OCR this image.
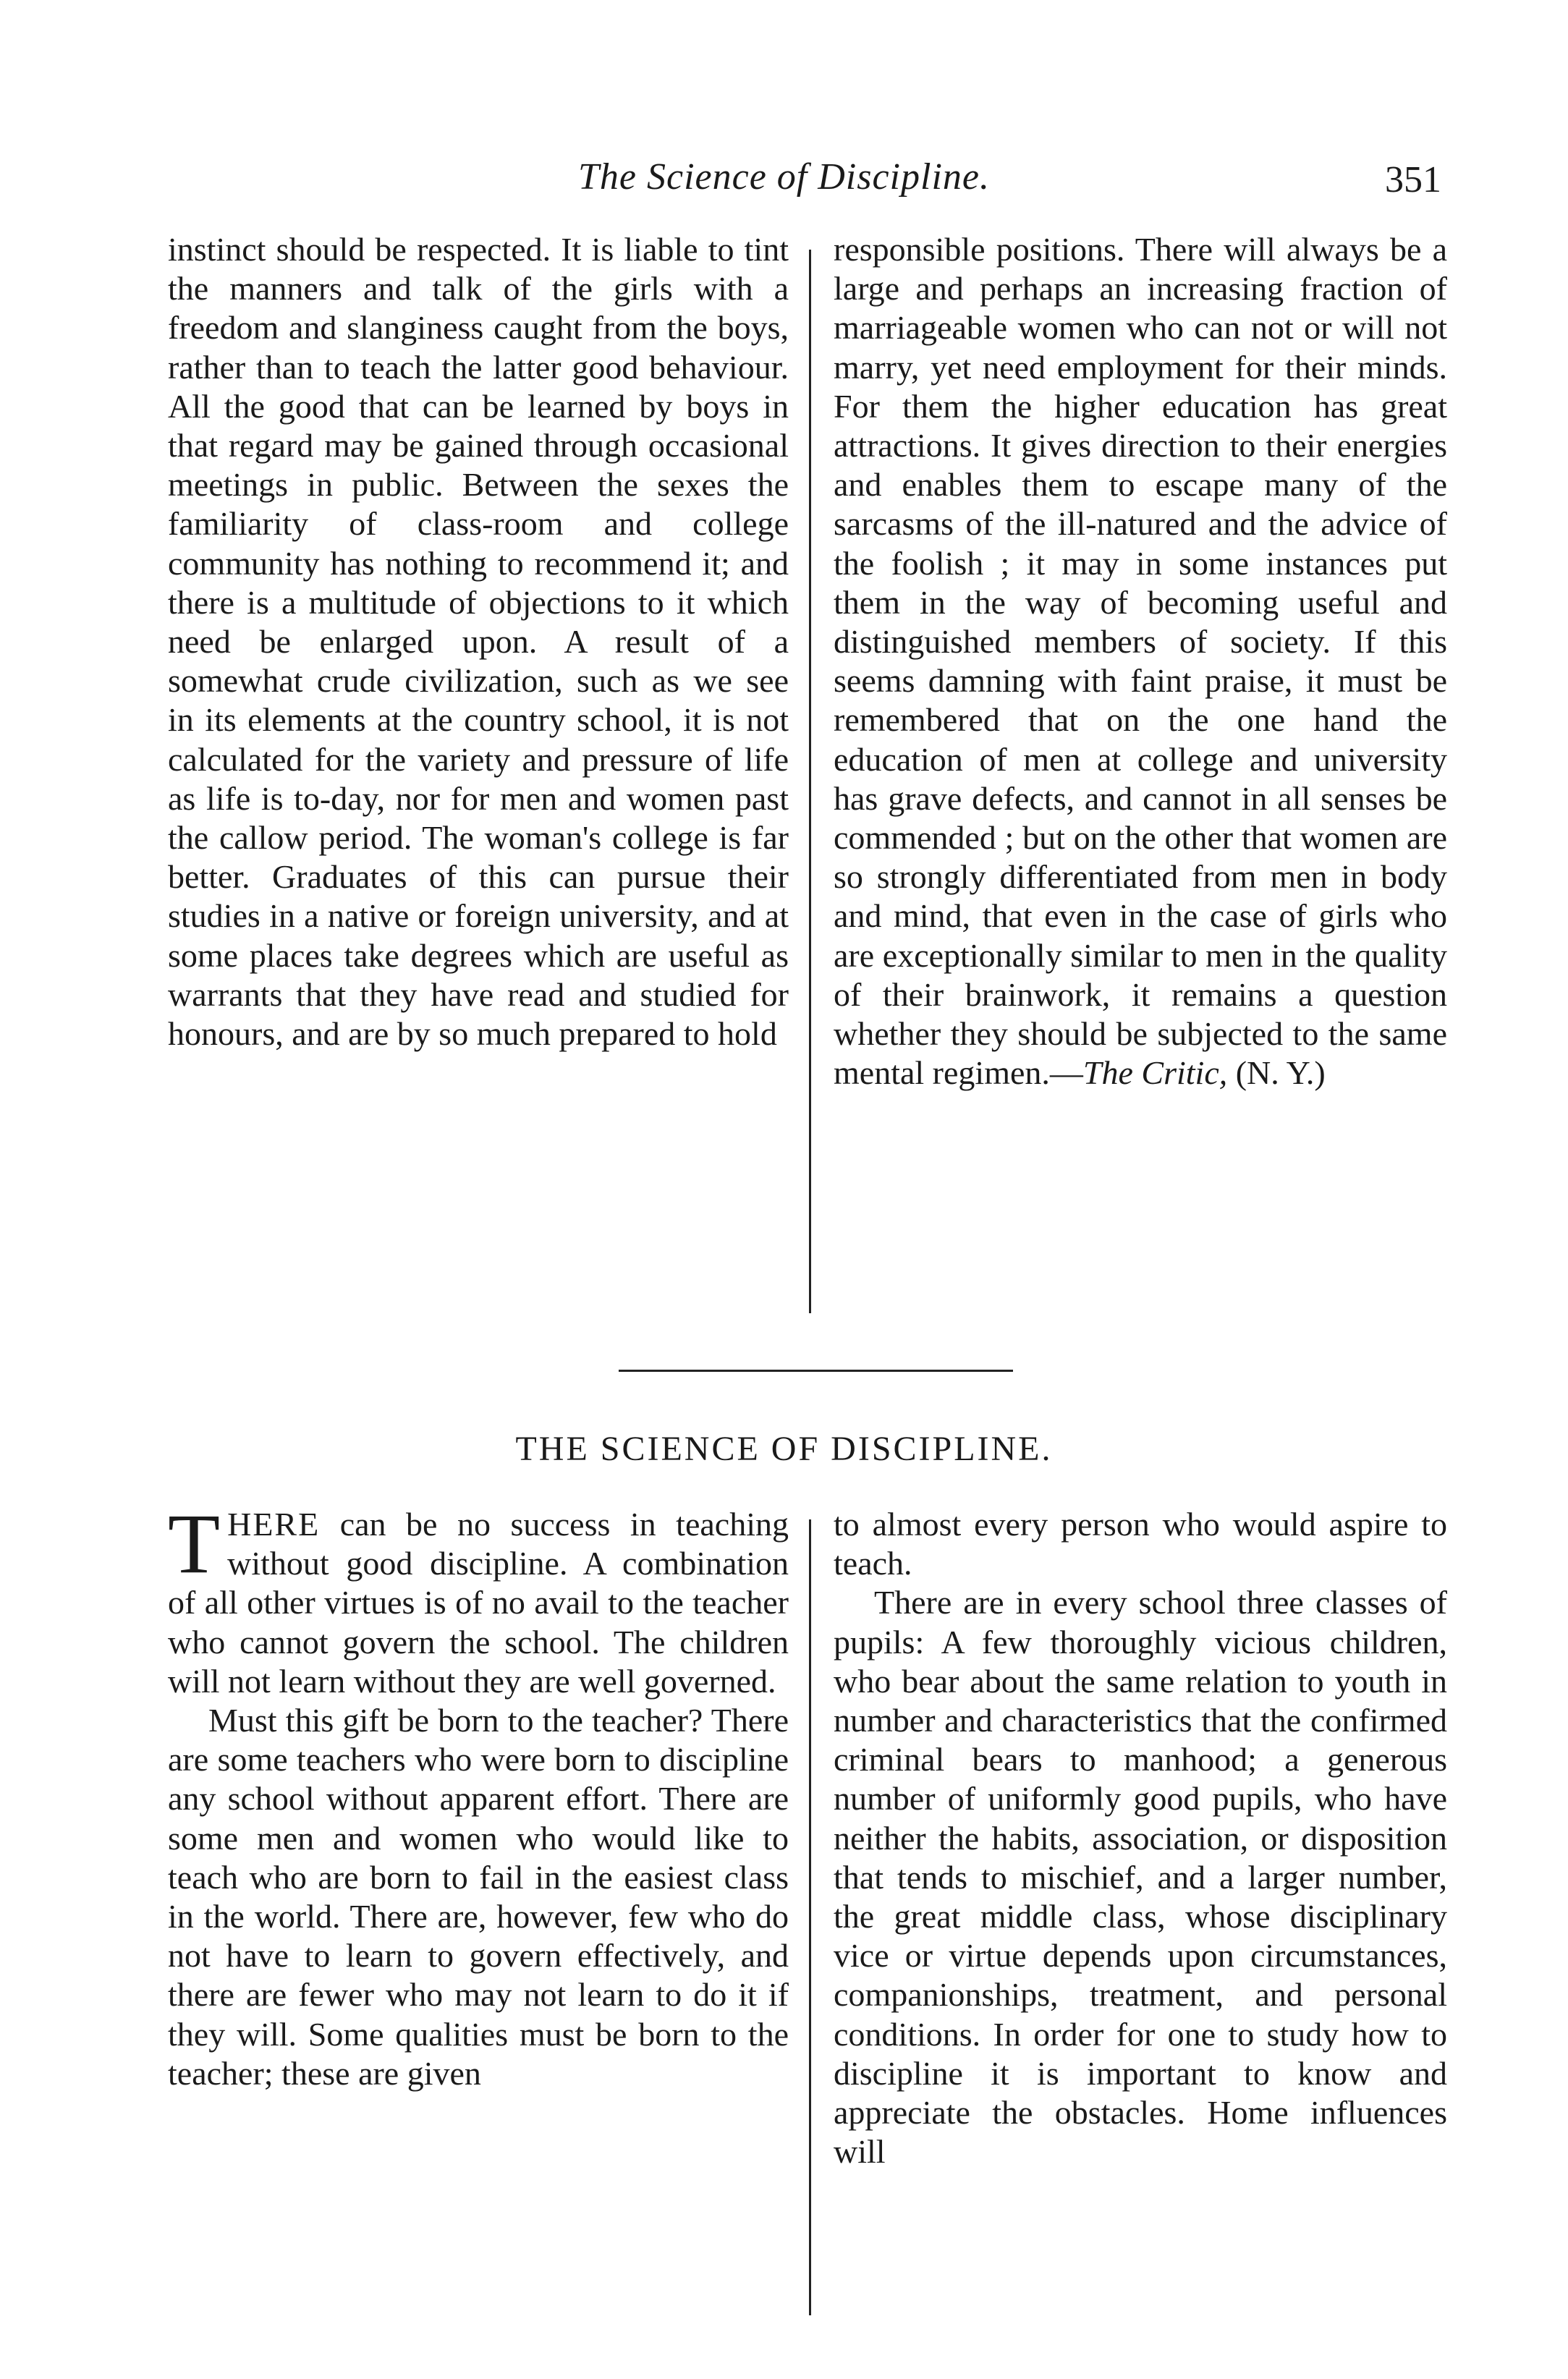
The Science of Discipline.	351

instinct should be respected. It is liable to tint the manners and talk of the girls with a freedom and slanginess caught from the boys, rather than to teach the latter good behaviour. All the good that can be learned by boys in that regard may be gained through occasional meetings in public. Between the sexes the familiarity of class-room and college community has nothing to recommend it; and there is a multitude of objections to it which need be enlarged upon. A result of a somewhat crude civilization, such as we see in its elements at the country school, it is not calculated for the variety and pressure of life as life is to-day, nor for men and women past the callow period. The woman's college is far better. Graduates of this can pursue their studies in a native or foreign university, and at some places take degrees which are useful as warrants that they have read and studied for honours, and are by so much prepared to hold

responsible positions. There will always be a large and perhaps an increasing fraction of marriageable women who can not or will not marry, yet need employment for their minds. For them the higher education has great attractions. It gives direction to their energies and enables them to escape many of the sarcasms of the ill-natured and the advice of the foolish ; it may in some instances put them in the way of becoming useful and distinguished members of society. If this seems damning with faint praise, it must be remembered that on the one hand the education of men at college and university has grave defects, and cannot in all senses be commended ; but on the other that women are so strongly differentiated from men in body and mind, that even in the case of girls who are exceptionally similar to men in the quality of their brainwork, it remains a question whether they should be subjected to the same mental regimen.—The Critic, (N. Y.)

THE SCIENCE OF DISCIPLINE.

THERE can be no success in teaching without good discipline. A combination of all other virtues is of no avail to the teacher who cannot govern the school. The children will not learn without they are well governed.

Must this gift be born to the teacher? There are some teachers who were born to discipline any school without apparent effort. There are some men and women who would like to teach who are born to fail in the easiest class in the world. There are, however, few who do not have to learn to govern effectively, and there are fewer who may not learn to do it if they will. Some qualities must be born to the teacher; these are given

to almost every person who would aspire to teach.

There are in every school three classes of pupils: A few thoroughly vicious children, who bear about the same relation to youth in number and characteristics that the confirmed criminal bears to manhood; a generous number of uniformly good pupils, who have neither the habits, association, or disposition that tends to mischief, and a larger number, the great middle class, whose disciplinary vice or virtue depends upon circumstances, companionships, treatment, and personal conditions. In order for one to study how to discipline it is important to know and appreciate the obstacles. Home influences will
